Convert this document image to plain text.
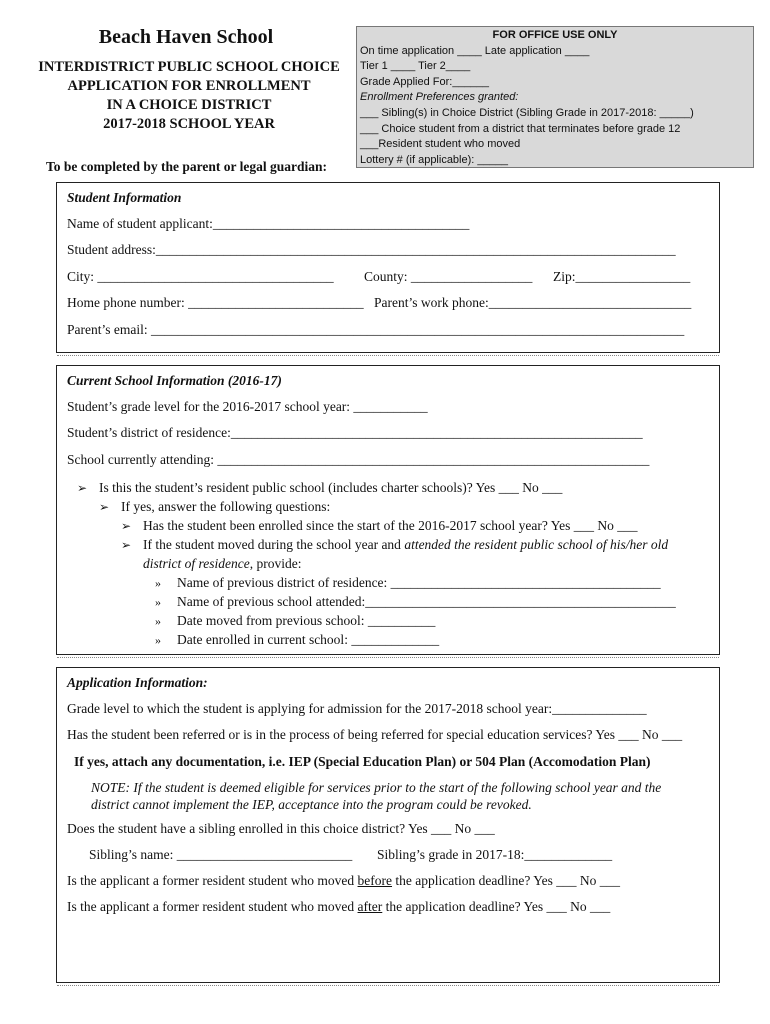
Beach Haven School
INTERDISTRICT PUBLIC SCHOOL CHOICE
APPLICATION FOR ENROLLMENT
IN A CHOICE DISTRICT
2017-2018 SCHOOL YEAR
To be completed by the parent or legal guardian:
FOR OFFICE USE ONLY
On time application ____ Late application ____
Tier 1 ____ Tier 2____
Grade Applied For:______
Enrollment Preferences granted:
___ Sibling(s) in Choice District (Sibling Grade in 2017-2018: _____)
___ Choice student from a district that terminates before grade 12
___Resident student who moved
Lottery # (if applicable): _____
Student Information
Name of student applicant:______________________________________
Student address:_____________________________________________________________________________
City: ___________________________________ County: __________________ Zip:_________________
Home phone number: __________________________ Parent’s work phone:______________________________
Parent’s email: _______________________________________________________________________________
Current School Information (2016-17)
Student’s grade level for the 2016-2017 school year: ___________
Student’s district of residence:_____________________________________________________________
School currently attending: ________________________________________________________________
➢ Is this the student’s resident public school (includes charter schools)? Yes ___ No ___
➢ If yes, answer the following questions:
➢ Has the student been enrolled since the start of the 2016-2017 school year? Yes ___ No ___
➢ If the student moved during the school year and attended the resident public school of his/her old
district of residence, provide:
» Name of previous district of residence: ________________________________________
» Name of previous school attended:______________________________________________
» Date moved from previous school: __________
» Date enrolled in current school: _____________
Application Information:
Grade level to which the student is applying for admission for the 2017-2018 school year:______________
Has the student been referred or is in the process of being referred for special education services? Yes ___ No ___
If yes, attach any documentation, i.e. IEP (Special Education Plan) or 504 Plan (Accomodation Plan)
NOTE: If the student is deemed eligible for services prior to the start of the following school year and the
district cannot implement the IEP, acceptance into the program could be revoked.
Does the student have a sibling enrolled in this choice district? Yes ___ No ___
Sibling’s name: __________________________ Sibling’s grade in 2017-18:_____________
Is the applicant a former resident student who moved before the application deadline? Yes ___ No ___
Is the applicant a former resident student who moved after the application deadline? Yes ___ No ___
